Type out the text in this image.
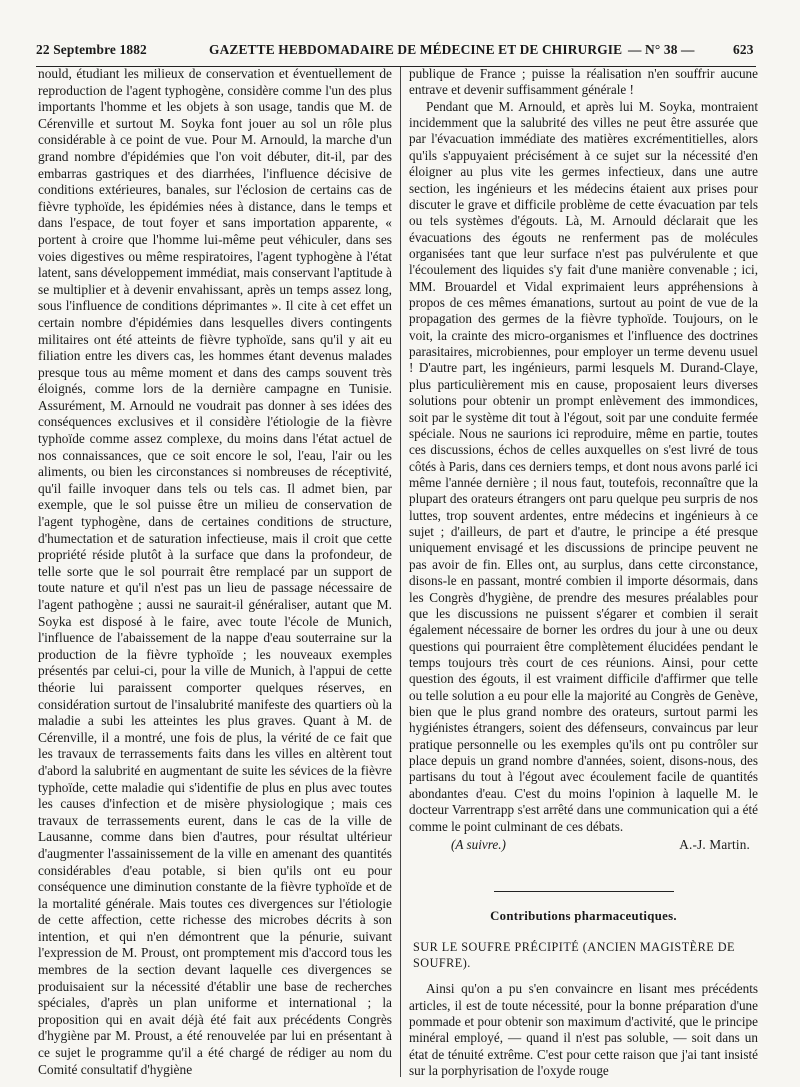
22 Septembre 1882	GAZETTE HEBDOMADAIRE DE MÉDECINE ET DE CHIRURGIE — N° 38 —	623

nould, étudiant les milieux de conservation et éventuellement de reproduction de l'agent typhogène, considère comme l'un des plus importants l'homme et les objets à son usage, tandis que M. de Cérenville et surtout M. Soyka font jouer au sol un rôle plus considérable à ce point de vue. Pour M. Arnould, la marche d'un grand nombre d'épidémies que l'on voit débuter, dit-il, par des embarras gastriques et des diarrhées, l'influence décisive de conditions extérieures, banales, sur l'éclosion de certains cas de fièvre typhoïde, les épidémies nées à distance, dans le temps et dans l'espace, de tout foyer et sans importation apparente, « portent à croire que l'homme lui-même peut véhiculer, dans ses voies digestives ou même respiratoires, l'agent typhogène à l'état latent, sans développement immédiat, mais conservant l'aptitude à se multiplier et à devenir envahissant, après un temps assez long, sous l'influence de conditions déprimantes ». Il cite à cet effet un certain nombre d'épidémies dans lesquelles divers contingents militaires ont été atteints de fièvre typhoïde, sans qu'il y ait eu filiation entre les divers cas, les hommes étant devenus malades presque tous au même moment et dans des camps souvent très éloignés, comme lors de la dernière campagne en Tunisie. Assurément, M. Arnould ne voudrait pas donner à ses idées des conséquences exclusives et il considère l'étiologie de la fièvre typhoïde comme assez complexe, du moins dans l'état actuel de nos connaissances, que ce soit encore le sol, l'eau, l'air ou les aliments, ou bien les circonstances si nombreuses de réceptivité, qu'il faille invoquer dans tels ou tels cas. Il admet bien, par exemple, que le sol puisse être un milieu de conservation de l'agent typhogène, dans de certaines conditions de structure, d'humectation et de saturation infectieuse, mais il croit que cette propriété réside plutôt à la surface que dans la profondeur, de telle sorte que le sol pourrait être remplacé par un support de toute nature et qu'il n'est pas un lieu de passage nécessaire de l'agent pathogène ; aussi ne saurait-il généraliser, autant que M. Soyka est disposé à le faire, avec toute l'école de Munich, l'influence de l'abaissement de la nappe d'eau souterraine sur la production de la fièvre typhoïde ; les nouveaux exemples présentés par celui-ci, pour la ville de Munich, à l'appui de cette théorie lui paraissent comporter quelques réserves, en considération surtout de l'insalubrité manifeste des quartiers où la maladie a subi les atteintes les plus graves. Quant à M. de Cérenville, il a montré, une fois de plus, la vérité de ce fait que les travaux de terrassements faits dans les villes en altèrent tout d'abord la salubrité en augmentant de suite les sévices de la fièvre typhoïde, cette maladie qui s'identifie de plus en plus avec toutes les causes d'infection et de misère physiologique ; mais ces travaux de terrassements eurent, dans le cas de la ville de Lausanne, comme dans bien d'autres, pour résultat ultérieur d'augmenter l'assainissement de la ville en amenant des quantités considérables d'eau potable, si bien qu'ils ont eu pour conséquence une diminution constante de la fièvre typhoïde et de la mortalité générale. Mais toutes ces divergences sur l'étiologie de cette affection, cette richesse des microbes décrits à son intention, et qui n'en démontrent que la pénurie, suivant l'expression de M. Proust, ont promptement mis d'accord tous les membres de la section devant laquelle ces divergences se produisaient sur la nécessité d'établir une base de recherches spéciales, d'après un plan uniforme et international ; la proposition qui en avait déjà été fait aux précédents Congrès d'hygiène par M. Proust, a été renouvelée par lui en présentant à ce sujet le programme qu'il a été chargé de rédiger au nom du Comité consultatif d'hygiène

publique de France ; puisse la réalisation n'en souffrir aucune entrave et devenir suffisamment générale !

Pendant que M. Arnould, et après lui M. Soyka, montraient incidemment que la salubrité des villes ne peut être assurée que par l'évacuation immédiate des matières excrémentitielles, alors qu'ils s'appuyaient précisément à ce sujet sur la nécessité d'en éloigner au plus vite les germes infectieux, dans une autre section, les ingénieurs et les médecins étaient aux prises pour discuter le grave et difficile problème de cette évacuation par tels ou tels systèmes d'égouts. Là, M. Arnould déclarait que les évacuations des égouts ne renferment pas de molécules organisées tant que leur surface n'est pas pulvérulente et que l'écoulement des liquides s'y fait d'une manière convenable ; ici, MM. Brouardel et Vidal exprimaient leurs appréhensions à propos de ces mêmes émanations, surtout au point de vue de la propagation des germes de la fièvre typhoïde. Toujours, on le voit, la crainte des micro-organismes et l'influence des doctrines parasitaires, microbiennes, pour employer un terme devenu usuel ! D'autre part, les ingénieurs, parmi lesquels M. Durand-Claye, plus particulièrement mis en cause, proposaient leurs diverses solutions pour obtenir un prompt enlèvement des immondices, soit par le système dit tout à l'égout, soit par une conduite fermée spéciale. Nous ne saurions ici reproduire, même en partie, toutes ces discussions, échos de celles auxquelles on s'est livré de tous côtés à Paris, dans ces derniers temps, et dont nous avons parlé ici même l'année dernière ; il nous faut, toutefois, reconnaître que la plupart des orateurs étrangers ont paru quelque peu surpris de nos luttes, trop souvent ardentes, entre médecins et ingénieurs à ce sujet ; d'ailleurs, de part et d'autre, le principe a été presque uniquement envisagé et les discussions de principe peuvent ne pas avoir de fin. Elles ont, au surplus, dans cette circonstance, disons-le en passant, montré combien il importe désormais, dans les Congrès d'hygiène, de prendre des mesures préalables pour que les discussions ne puissent s'égarer et combien il serait également nécessaire de borner les ordres du jour à une ou deux questions qui pourraient être complètement élucidées pendant le temps toujours très court de ces réunions. Ainsi, pour cette question des égouts, il est vraiment difficile d'affirmer que telle ou telle solution a eu pour elle la majorité au Congrès de Genève, bien que le plus grand nombre des orateurs, surtout parmi les hygiénistes étrangers, soient des défenseurs, convaincus par leur pratique personnelle ou les exemples qu'ils ont pu contrôler sur place depuis un grand nombre d'années, soient, disons-nous, des partisans du tout à l'égout avec écoulement facile de quantités abondantes d'eau. C'est du moins l'opinion à laquelle M. le docteur Varrentrapp s'est arrêté dans une communication qui a été comme le point culminant de ces débats.

(A suivre.)	A.-J. Martin.
Contributions pharmaceutiques.
SUR LE SOUFRE PRÉCIPITÉ (ANCIEN MAGISTÈRE DE SOUFRE).

Ainsi qu'on a pu s'en convaincre en lisant mes précédents articles, il est de toute nécessité, pour la bonne préparation d'une pommade et pour obtenir son maximum d'activité, que le principe minéral employé, — quand il n'est pas soluble, — soit dans un état de ténuité extrême. C'est pour cette raison que j'ai tant insisté sur la porphyrisation de l'oxyde rouge
